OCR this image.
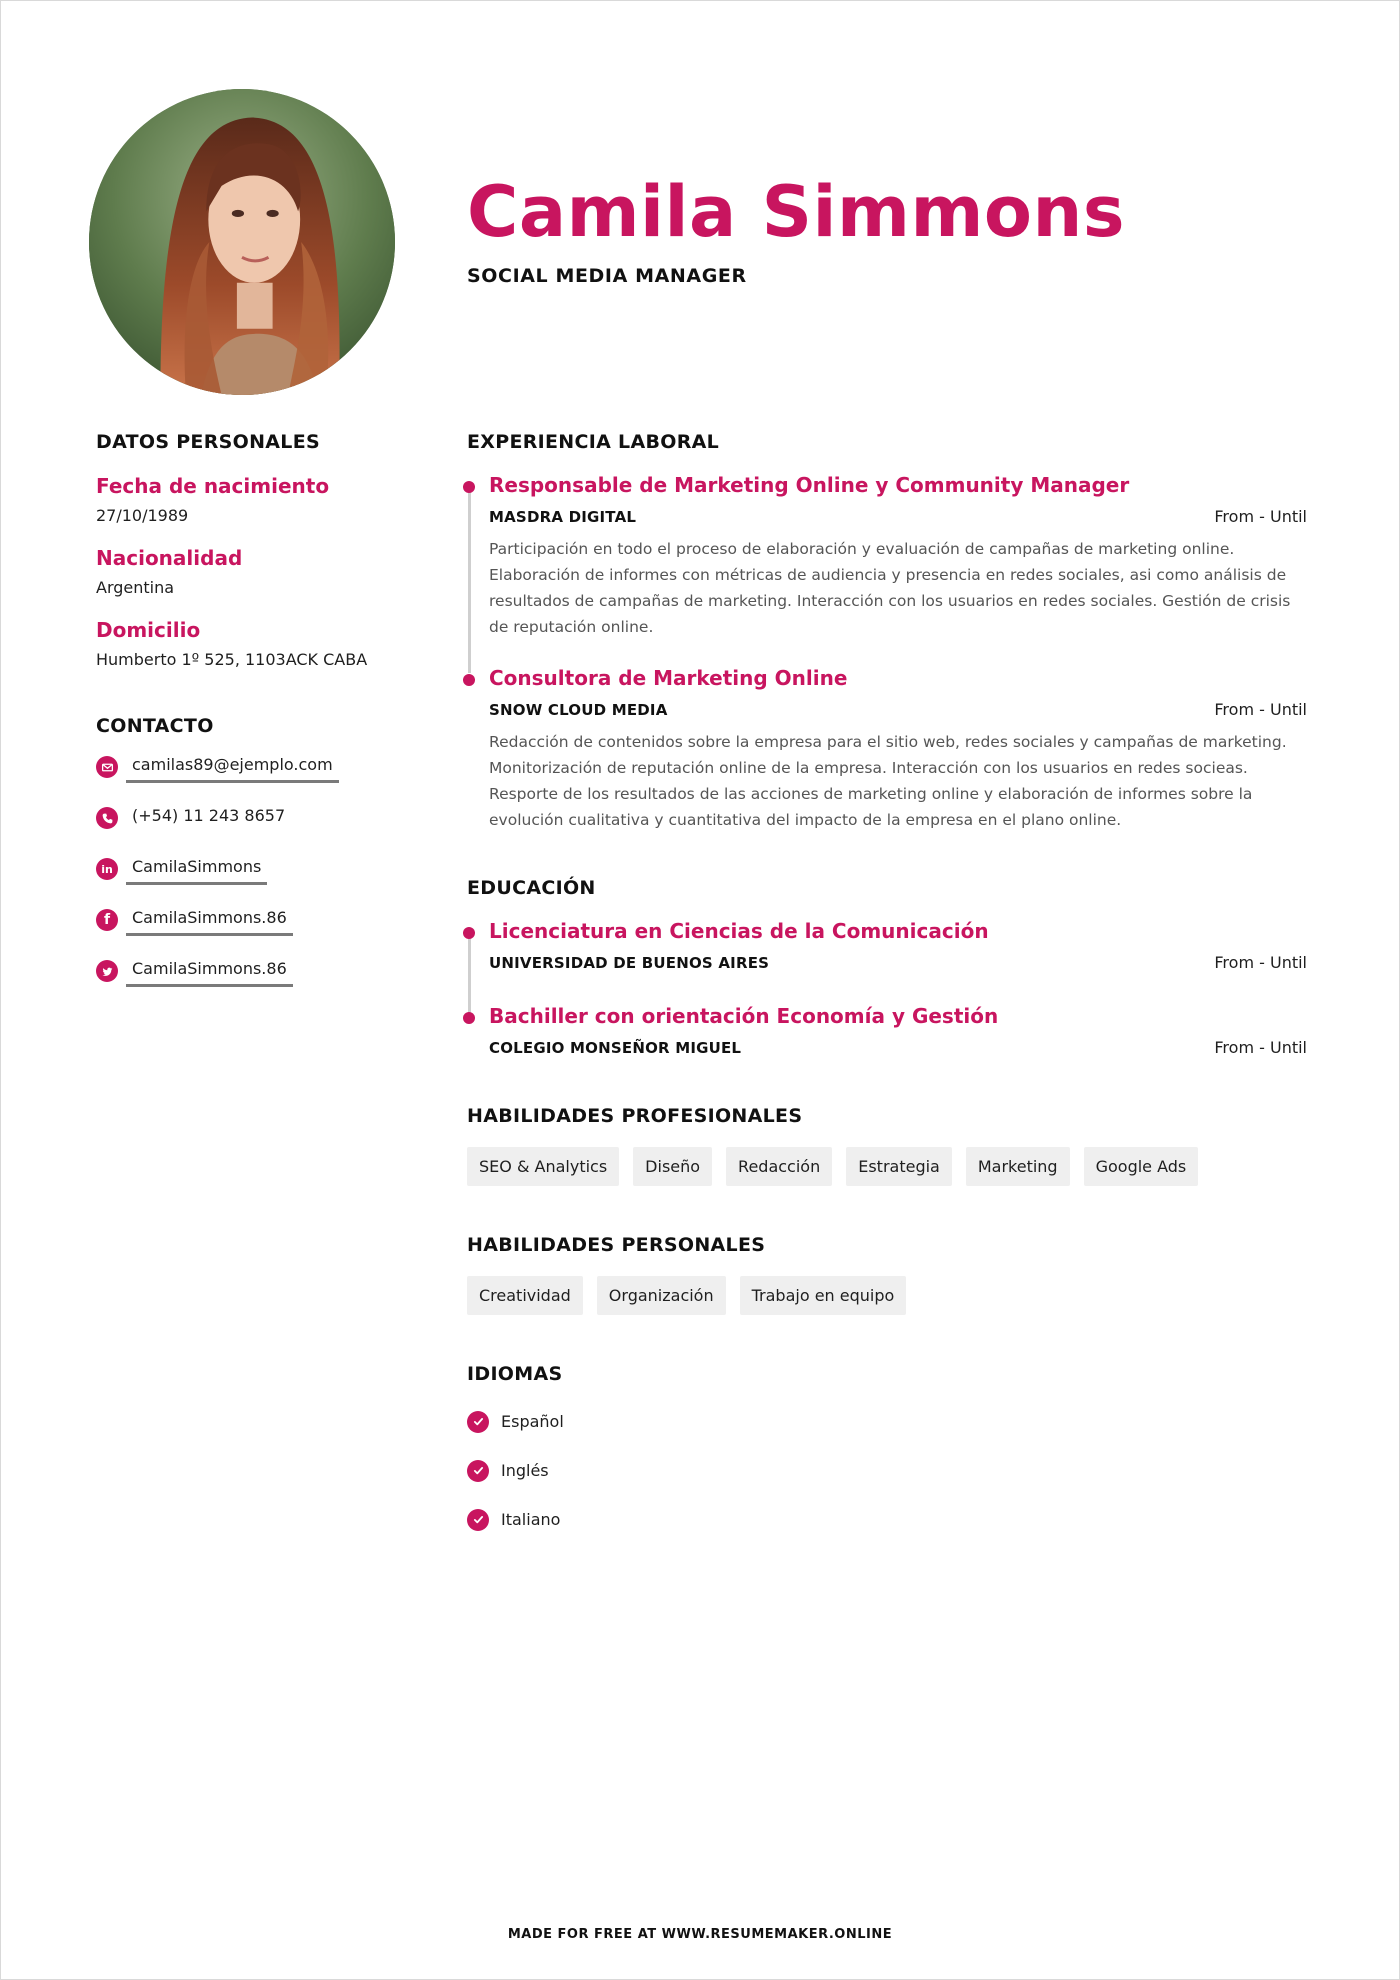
Camila Simmons
SOCIAL MEDIA MANAGER
DATOS PERSONALES
Fecha de nacimiento
27/10/1989
Nacionalidad
Argentina
Domicilio
Humberto 1º 525, 1103ACK CABA
CONTACTO
camilas89@ejemplo.com
(+54) 11 243 8657
in	CamilaSimmons
f	CamilaSimmons.86
CamilaSimmons.86
EXPERIENCIA LABORAL
Responsable de Marketing Online y Community Manager
MASDRA DIGITAL	From - Until
Participación en todo el proceso de elaboración y evaluación de campañas de marketing online. Elaboración de informes con métricas de audiencia y presencia en redes sociales, asi como análisis de resultados de campañas de marketing. Interacción con los usuarios en redes sociales. Gestión de crisis de reputación online.
Consultora de Marketing Online
SNOW CLOUD MEDIA	From - Until
Redacción de contenidos sobre la empresa para el sitio web, redes sociales y campañas de marketing. Monitorización de reputación online de la empresa. Interacción con los usuarios en redes socieas. Resporte de los resultados de las acciones de marketing online y elaboración de informes sobre la evolución cualitativa y cuantitativa del impacto de la empresa en el plano online.
EDUCACIÓN
Licenciatura en Ciencias de la Comunicación
UNIVERSIDAD DE BUENOS AIRES	From - Until
Bachiller con orientación Economía y Gestión
COLEGIO MONSEÑOR MIGUEL	From - Until
HABILIDADES PROFESIONALES
SEO & Analytics	Diseño	Redacción	Estrategia	Marketing	Google Ads
HABILIDADES PERSONALES
Creatividad	Organización	Trabajo en equipo
IDIOMAS
Español
Inglés
Italiano
MADE FOR FREE AT WWW.RESUMEMAKER.ONLINE
